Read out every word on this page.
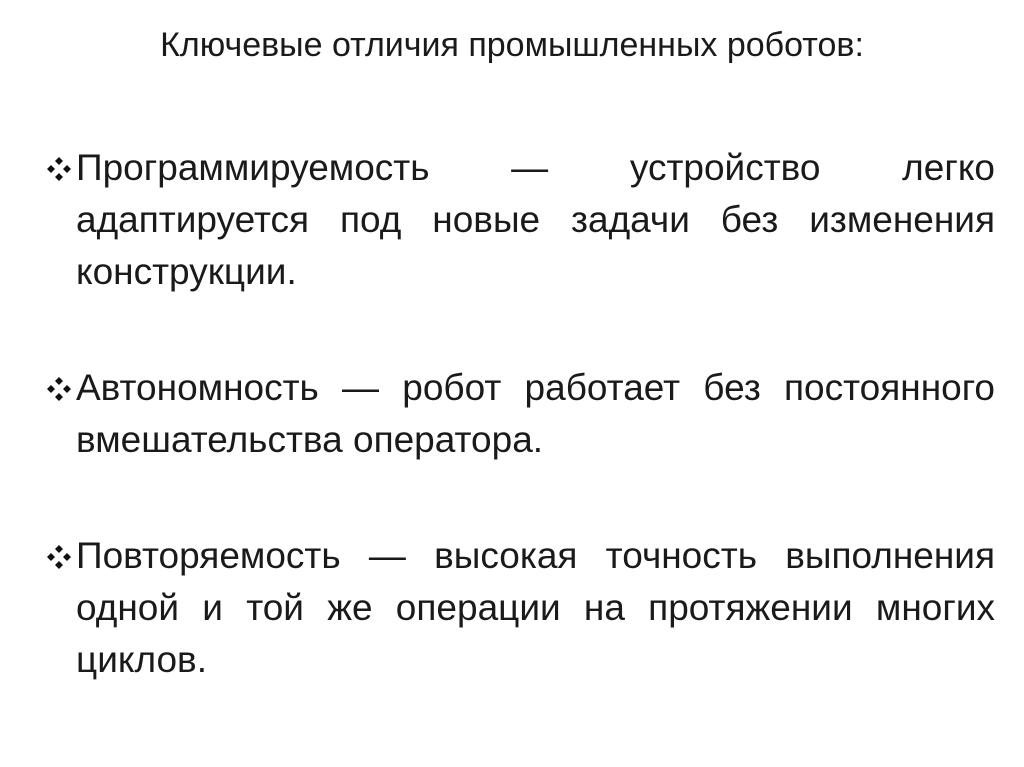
Ключевые отличия промышленных роботов:
Программируемость — устройство легко адаптируется под новые задачи без изменения конструкции.
Автономность — робот работает без постоянного вмешательства оператора.
Повторяемость — высокая точность выполнения одной и той же операции на протяжении многих циклов.
